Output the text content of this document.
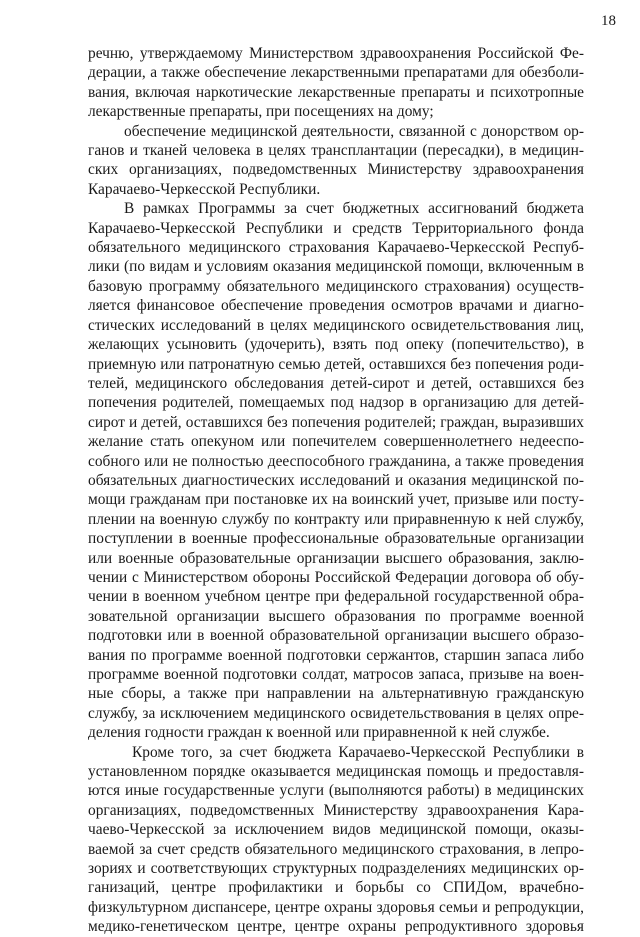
18
речню, утверждаемому Министерством здравоохранения Российской Фе-
дерации, а также обеспечение лекарственными препаратами для обезболи-
вания, включая наркотические лекарственные препараты и психотропные
лекарственные препараты, при посещениях на дому;
обеспечение медицинской деятельности, связанной с донорством ор-
ганов и тканей человека в целях трансплантации (пересадки), в медицин-
ских организациях, подведомственных Министерству здравоохранения
Карачаево-Черкесской Республики.
В рамках Программы за счет бюджетных ассигнований бюджета
Карачаево-Черкесской Республики и средств Территориального фонда
обязательного медицинского страхования Карачаево-Черкесской Респуб-
лики (по видам и условиям оказания медицинской помощи, включенным в
базовую программу обязательного медицинского страхования) осуществ-
ляется финансовое обеспечение проведения осмотров врачами и диагно-
стических исследований в целях медицинского освидетельствования лиц,
желающих усыновить (удочерить), взять под опеку (попечительство), в
приемную или патронатную семью детей, оставшихся без попечения роди-
телей, медицинского обследования детей-сирот и детей, оставшихся без
попечения родителей, помещаемых под надзор в организацию для детей-
сирот и детей, оставшихся без попечения родителей; граждан, выразивших
желание стать опекуном или попечителем совершеннолетнего недееспо-
собного или не полностью дееспособного гражданина, а также проведения
обязательных диагностических исследований и оказания медицинской по-
мощи гражданам при постановке их на воинский учет, призыве или посту-
плении на военную службу по контракту или приравненную к ней службу,
поступлении в военные профессиональные образовательные организации
или военные образовательные организации высшего образования, заклю-
чении с Министерством обороны Российской Федерации договора об обу-
чении в военном учебном центре при федеральной государственной обра-
зовательной организации высшего образования по программе военной
подготовки или в военной образовательной организации высшего образо-
вания по программе военной подготовки сержантов, старшин запаса либо
программе военной подготовки солдат, матросов запаса, призыве на воен-
ные сборы, а также при направлении на альтернативную гражданскую
службу, за исключением медицинского освидетельствования в целях опре-
деления годности граждан к военной или приравненной к ней службе.
Кроме того, за счет бюджета Карачаево-Черкесской Республики в
установленном порядке оказывается медицинская помощь и предоставля-
ются иные государственные услуги (выполняются работы) в медицинских
организациях, подведомственных Министерству здравоохранения Кара-
чаево-Черкесской за исключением видов медицинской помощи, оказы-
ваемой за счет средств обязательного медицинского страхования, в лепро-
зориях и соответствующих структурных подразделениях медицинских ор-
ганизаций, центре профилактики и борьбы со СПИДом, врачебно-
физкультурном диспансере, центре охраны здоровья семьи и репродукции,
медико-генетическом центре, центре охраны репродуктивного здоровья
